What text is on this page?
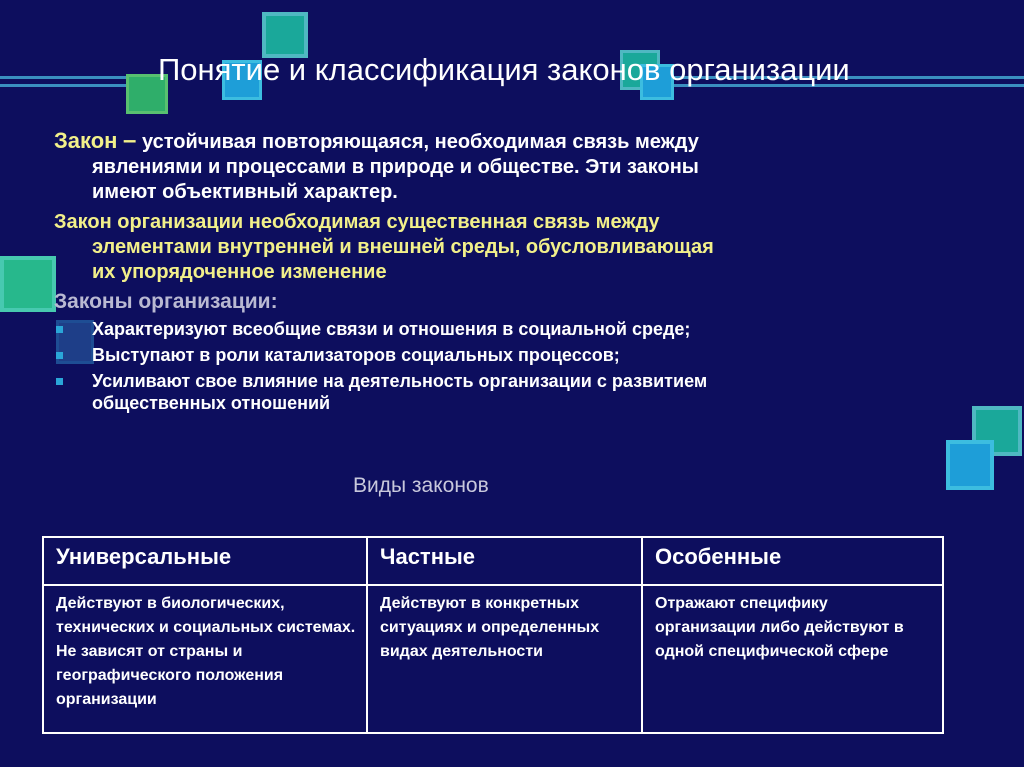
Понятие и классификация законов организации
Закон – устойчивая повторяющаяся, необходимая связь между
явлениями и процессами в природе и обществе. Эти законы
имеют объективный характер.
Закон организации необходимая существенная связь между
элементами внутренней и внешней среды, обусловливающая
их упорядоченное изменение
Законы организации:
Характеризуют всеобщие связи и отношения в социальной среде;
Выступают в роли катализаторов социальных процессов;
Усиливают свое влияние на деятельность организации с развитием
общественных отношений
Виды законов
Универсальные	Частные	Особенные
Действуют в биологических, технических и социальных системах. Не зависят от страны и географического положения организации	Действуют в конкретных ситуациях и определенных видах деятельности	Отражают специфику организации либо действуют в одной специфической сфере
